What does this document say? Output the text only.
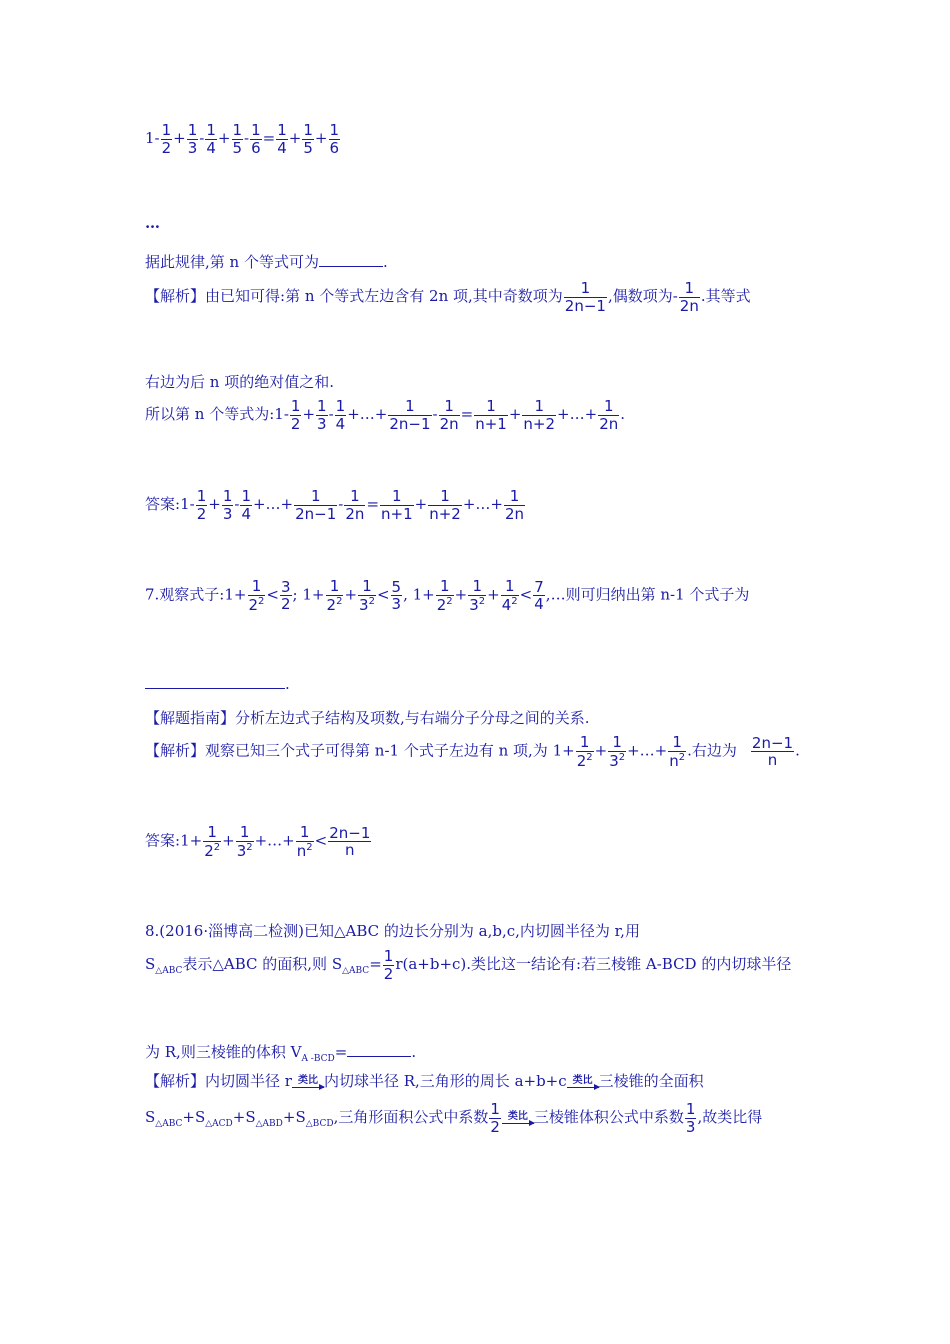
$1- \frac{1}{2} + \frac{1}{3} - \frac{1}{4} + \frac{1}{5} - \frac{1}{6} = \frac{1}{4} + \frac{1}{5} + \frac{1}{6}$
…
据此规律,第 n 个等式可为	.
【解析】由已知可得:第 n 个等式左边含有 2n 项,其中奇数项为 $\frac{1}{2n-1}$ ,偶数项为- $\frac{1}{2n}$ .其等式
右边为后 n 项的绝对值之和.
所以第 n 个等式为:1- $\frac{1}{2} + \frac{1}{3} - \frac{1}{4}$ +…+ $\frac{1}{2n-1} - \frac{1}{2n} = \frac{1}{n+1} + \frac{1}{n+2}$ +…+ $\frac{1}{2n}$ .
答案:1- $\frac{1}{2} + \frac{1}{3} - \frac{1}{4}$ +…+ $\frac{1}{2n-1} - \frac{1}{2n} = \frac{1}{n+1} + \frac{1}{n+2}$ +…+ $\frac{1}{2n}$
7.观察式子:1+ $\frac{1}{2^2} < \frac{3}{2}$ ; $1+ \frac{1}{2^2} + \frac{1}{3^2} < \frac{5}{3}$ , $1+ \frac{1}{2^2} + \frac{1}{3^2} + \frac{1}{4^2} < \frac{7}{4}$ ,…则可归纳出第 n-1 个式子为
.
【解题指南】分析左边式子结构及项数,与右端分子分母之间的关系.
【解析】观察已知三个式子可得第 n-1 个式子左边有 n 项,为 $1+ \frac{1}{2^2} + \frac{1}{3^2}$ +…+ $\frac{1}{n^2}$ .右边为 $\frac{2n-1}{n}$ .
答案:1+ $\frac{1}{2^2} + \frac{1}{3^2}$ +…+ $\frac{1}{n^2} < \frac{2n-1}{n}$
8.(2016·淄博高二检测)已知△ABC 的边长分别为 a,b,c,内切圆半径为 r,用
$S_{\triangle ABC}$表示△ABC 的面积,则 $S_{\triangle ABC}= \frac{1}{2} r(a+b+c)$.类比这一结论有:若三棱锥 A-BCD 的内切球半径
为 R,则三棱锥的体积 $V_{A -BCD}=$	.
【解析】内切圆半径 r 类比 内切球半径 R,三角形的周长 a+b+c 类比 三棱锥的全面积
$S_{\triangle ABC}+S_{\triangle ACD}+S_{\triangle ABD}+S_{\triangle BCD}$,三角形面积公式中系数 $\frac{1}{2}$ 类比 三棱锥体积公式中系数 $\frac{1}{3}$ ,故类比得
